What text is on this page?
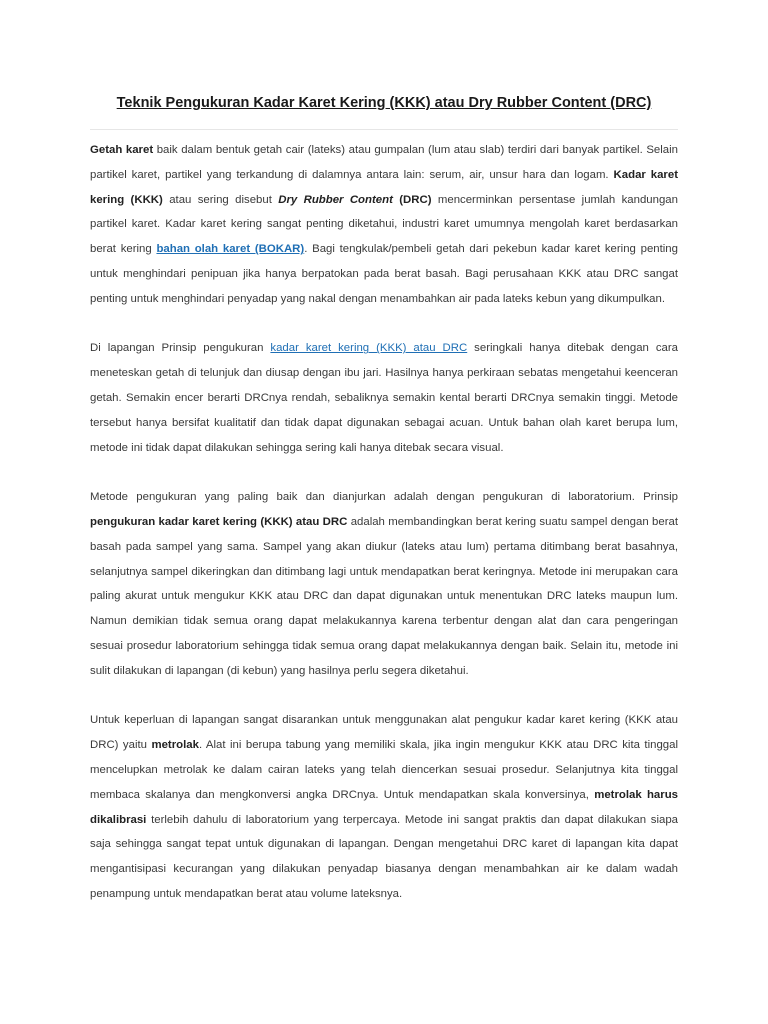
Teknik Pengukuran Kadar Karet Kering (KKK) atau Dry Rubber Content (DRC)

Getah karet baik dalam bentuk getah cair (lateks) atau gumpalan (lum atau slab) terdiri dari banyak partikel. Selain partikel karet, partikel yang terkandung di dalamnya antara lain: serum, air, unsur hara dan logam. Kadar karet kering (KKK) atau sering disebut Dry Rubber Content (DRC) mencerminkan persentase jumlah kandungan partikel karet. Kadar karet kering sangat penting diketahui, industri karet umumnya mengolah karet berdasarkan berat kering bahan olah karet (BOKAR). Bagi tengkulak/pembeli getah dari pekebun kadar karet kering penting untuk menghindari penipuan jika hanya berpatokan pada berat basah. Bagi perusahaan KKK atau DRC sangat penting untuk menghindari penyadap yang nakal dengan menambahkan air pada lateks kebun yang dikumpulkan.

Di lapangan Prinsip pengukuran kadar karet kering (KKK) atau DRC seringkali hanya ditebak dengan cara meneteskan getah di telunjuk dan diusap dengan ibu jari. Hasilnya hanya perkiraan sebatas mengetahui keenceran getah. Semakin encer berarti DRCnya rendah, sebaliknya semakin kental berarti DRCnya semakin tinggi. Metode tersebut hanya bersifat kualitatif dan tidak dapat digunakan sebagai acuan. Untuk bahan olah karet berupa lum, metode ini tidak dapat dilakukan sehingga sering kali hanya ditebak secara visual.

Metode pengukuran yang paling baik dan dianjurkan adalah dengan pengukuran di laboratorium. Prinsip pengukuran kadar karet kering (KKK) atau DRC adalah membandingkan berat kering suatu sampel dengan berat basah pada sampel yang sama. Sampel yang akan diukur (lateks atau lum) pertama ditimbang berat basahnya, selanjutnya sampel dikeringkan dan ditimbang lagi untuk mendapatkan berat keringnya. Metode ini merupakan cara paling akurat untuk mengukur KKK atau DRC dan dapat digunakan untuk menentukan DRC lateks maupun lum. Namun demikian tidak semua orang dapat melakukannya karena terbentur dengan alat dan cara pengeringan sesuai prosedur laboratorium sehingga tidak semua orang dapat melakukannya dengan baik. Selain itu, metode ini sulit dilakukan di lapangan (di kebun) yang hasilnya perlu segera diketahui.

Untuk keperluan di lapangan sangat disarankan untuk menggunakan alat pengukur kadar karet kering (KKK atau DRC) yaitu metrolak. Alat ini berupa tabung yang memiliki skala, jika ingin mengukur KKK atau DRC kita tinggal mencelupkan metrolak ke dalam cairan lateks yang telah diencerkan sesuai prosedur. Selanjutnya kita tinggal membaca skalanya dan mengkonversi angka DRCnya. Untuk mendapatkan skala konversinya, metrolak harus dikalibrasi terlebih dahulu di laboratorium yang terpercaya. Metode ini sangat praktis dan dapat dilakukan siapa saja sehingga sangat tepat untuk digunakan di lapangan. Dengan mengetahui DRC karet di lapangan kita dapat mengantisipasi kecurangan yang dilakukan penyadap biasanya dengan menambahkan air ke dalam wadah penampung untuk mendapatkan berat atau volume lateksnya.
